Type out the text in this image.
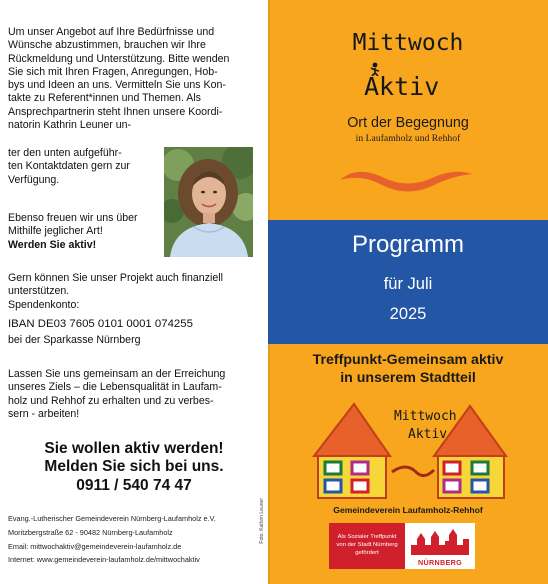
Um unser Angebot auf Ihre Bedürfnisse und
Wünsche abzustimmen, brauchen wir Ihre
Rückmeldung und Unterstützung. Bitte wenden
Sie sich mit Ihren Fragen, Anregungen, Hob-
bys und Ideen an uns. Vermitteln Sie uns Kon-
takte zu Referent*innen und Themen. Als
Ansprechpartnerin steht Ihnen unsere Koordi-
natorin Kathrin Leuner un-
ter den unten aufgeführ-
ten Kontaktdaten gern zur
Verfügung.
Ebenso freuen wir uns über
Mithilfe jeglicher Art!
Werden Sie aktiv!
Gern können Sie unser Projekt auch finanziell
unterstützen.
Spendenkonto:
IBAN DE03 7605 0101 0001 074255
bei der Sparkasse Nürnberg
Lassen Sie uns gemeinsam an der Erreichung
unseres Ziels – die Lebensqualität in Laufam-
holz und Rehhof zu erhalten und zu verbes-
sern - arbeiten!
Sie wollen aktiv werden!
Melden Sie sich bei uns.
0911 / 540 74 47
Evang.-Lutherischer Gemeindeverein Nürnberg-Laufamholz e.V.
Moritzbergstraße 62 - 90482 Nürnberg-Laufamholz
Email: mittwochaktiv@gemeindeverein-laufamholz.de
Internet: www.gemeindeverein-laufamholz.de/mittwochaktiv
Foto: Kathrin Leuner
Mittwoch
Aktiv
Ort der Begegnung
in Laufamholz und Rehhof
Programm
für Juli
2025
Treffpunkt-Gemeinsam aktiv
in unserem Stadtteil
Mittwoch
Aktiv
Gemeindeverein Laufamholz-Rehhof
Als Sozialer Treffpunkt
von der Stadt Nürnberg
gefördert
NÜRNBERG
